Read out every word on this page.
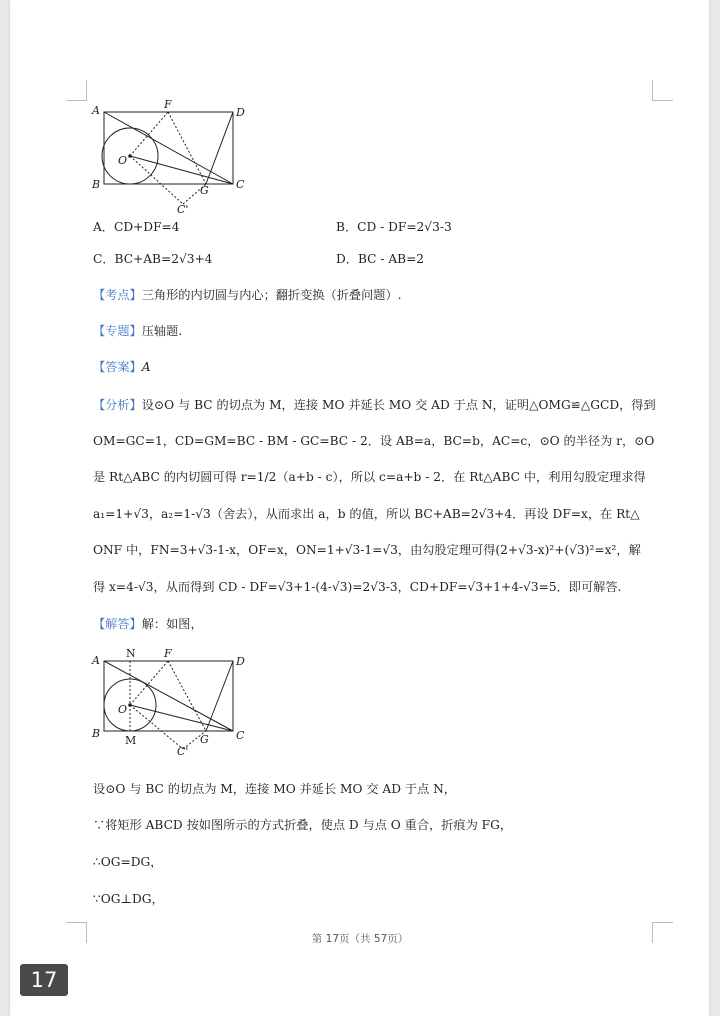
A
B	C
D
F
G
O
C'
A．CD+DF=4	B．CD - DF=2√3-3
C．BC+AB=2√3+4	D．BC - AB=2
【考点】三角形的内切圆与内心；翻折变换（折叠问题）.
【专题】压轴题.
【答案】A
【分析】设⊙O 与 BC 的切点为 M，连接 MO 并延长 MO 交 AD 于点 N，证明△OMG≌△GCD，得到
OM=GC=1，CD=GM=BC - BM - GC=BC - 2．设 AB=a，BC=b，AC=c，⊙O 的半径为 r，⊙O
是 Rt△ABC 的内切圆可得 r=1/2（a+b - c），所以 c=a+b - 2．在 Rt△ABC 中，利用勾股定理求得
a₁=1+√3，a₂=1-√3（舍去），从而求出 a，b 的值，所以 BC+AB=2√3+4．再设 DF=x，在 Rt△
ONF 中，FN=3+√3-1-x，OF=x，ON=1+√3-1=√3，由勾股定理可得(2+√3-x)²+(√3)²=x²，解
得 x=4-√3，从而得到 CD - DF=√3+1-(4-√3)=2√3-3，CD+DF=√3+1+4-√3=5．即可解答.
【解答】解：如图，
A
B	C
D
F
G
O
C'
N
M
设⊙O 与 BC 的切点为 M，连接 MO 并延长 MO 交 AD 于点 N，
∵将矩形 ABCD 按如图所示的方式折叠，使点 D 与点 O 重合，折痕为 FG，
∴OG=DG，
∵OG⊥DG，
第 17页（共 57页）
17
